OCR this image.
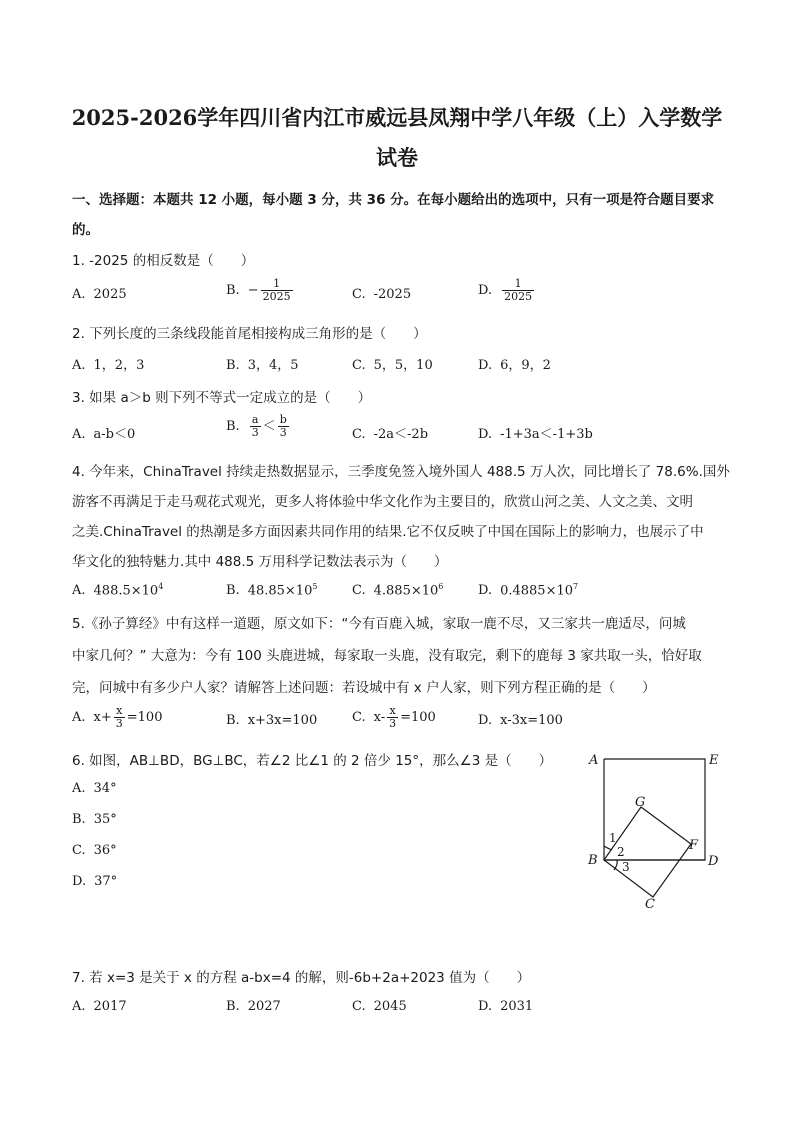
2025-2026学年四川省内江市威远县凤翔中学八年级（上）入学数学
试卷
一、选择题：本题共 12 小题，每小题 3 分，共 36 分。在每小题给出的选项中，只有一项是符合题目要求
的。
1. -2025 的相反数是（　　）
A. 2025	B. − $\frac{1}{2025}$	C. -2025	D. $\frac{1}{2025}$
2. 下列长度的三条线段能首尾相接构成三角形的是（　　）
A. 1，2，3	B. 3，4，5	C. 5，5，10	D. 6，9，2
3. 如果 a＞b 则下列不等式一定成立的是（　　）
A. a-b＜0
B. $\frac{a}{3} < \frac{b}{3}$	C. -2a＜-2b	D. -1+3a＜-1+3b
4. 今年来，ChinaTravel 持续走热数据显示，三季度免签入境外国人 488.5 万人次，同比增长了 78.6%.国外
游客不再满足于走马观花式观光，更多人将体验中华文化作为主要目的，欣赏山河之美、人文之美、文明
之美.ChinaTravel 的热潮是多方面因素共同作用的结果.它不仅反映了中国在国际上的影响力，也展示了中
华文化的独特魅力.其中 488.5 万用科学记数法表示为（　　）
A. $488.5\times 10^4$	B. $48.85\times 10^5$	C. $4.885\times 10^6$	D. $0.4885\times 10^7$
5.《孙子算经》中有这样一道题，原文如下：“今有百鹿入城，家取一鹿不尽，又三家共一鹿适尽，问城
中家几何？” 大意为：今有 100 头鹿进城，每家取一头鹿，没有取完，剩下的鹿每 3 家共取一头，恰好取
完，问城中有多少户人家？请解答上述问题：若设城中有 x 户人家，则下列方程正确的是（　　）
A. $x+ \frac{x}{3} =100$	B. x+3x=100	C. $x- \frac{x}{3} =100$	D. x-3x=100
6. 如图，AB⊥BD，BG⊥BC，若∠2 比∠1 的 2 倍少 15°，那么∠3 是（　　）
A. 34°
B. 35°
C. 36°
D. 37°
A	E
G
F
B	D
C
1
2
3
7. 若 x=3 是关于 x 的方程 a-bx=4 的解，则-6b+2a+2023 值为（　　）
A. 2017	B. 2027	C. 2045	D. 2031
